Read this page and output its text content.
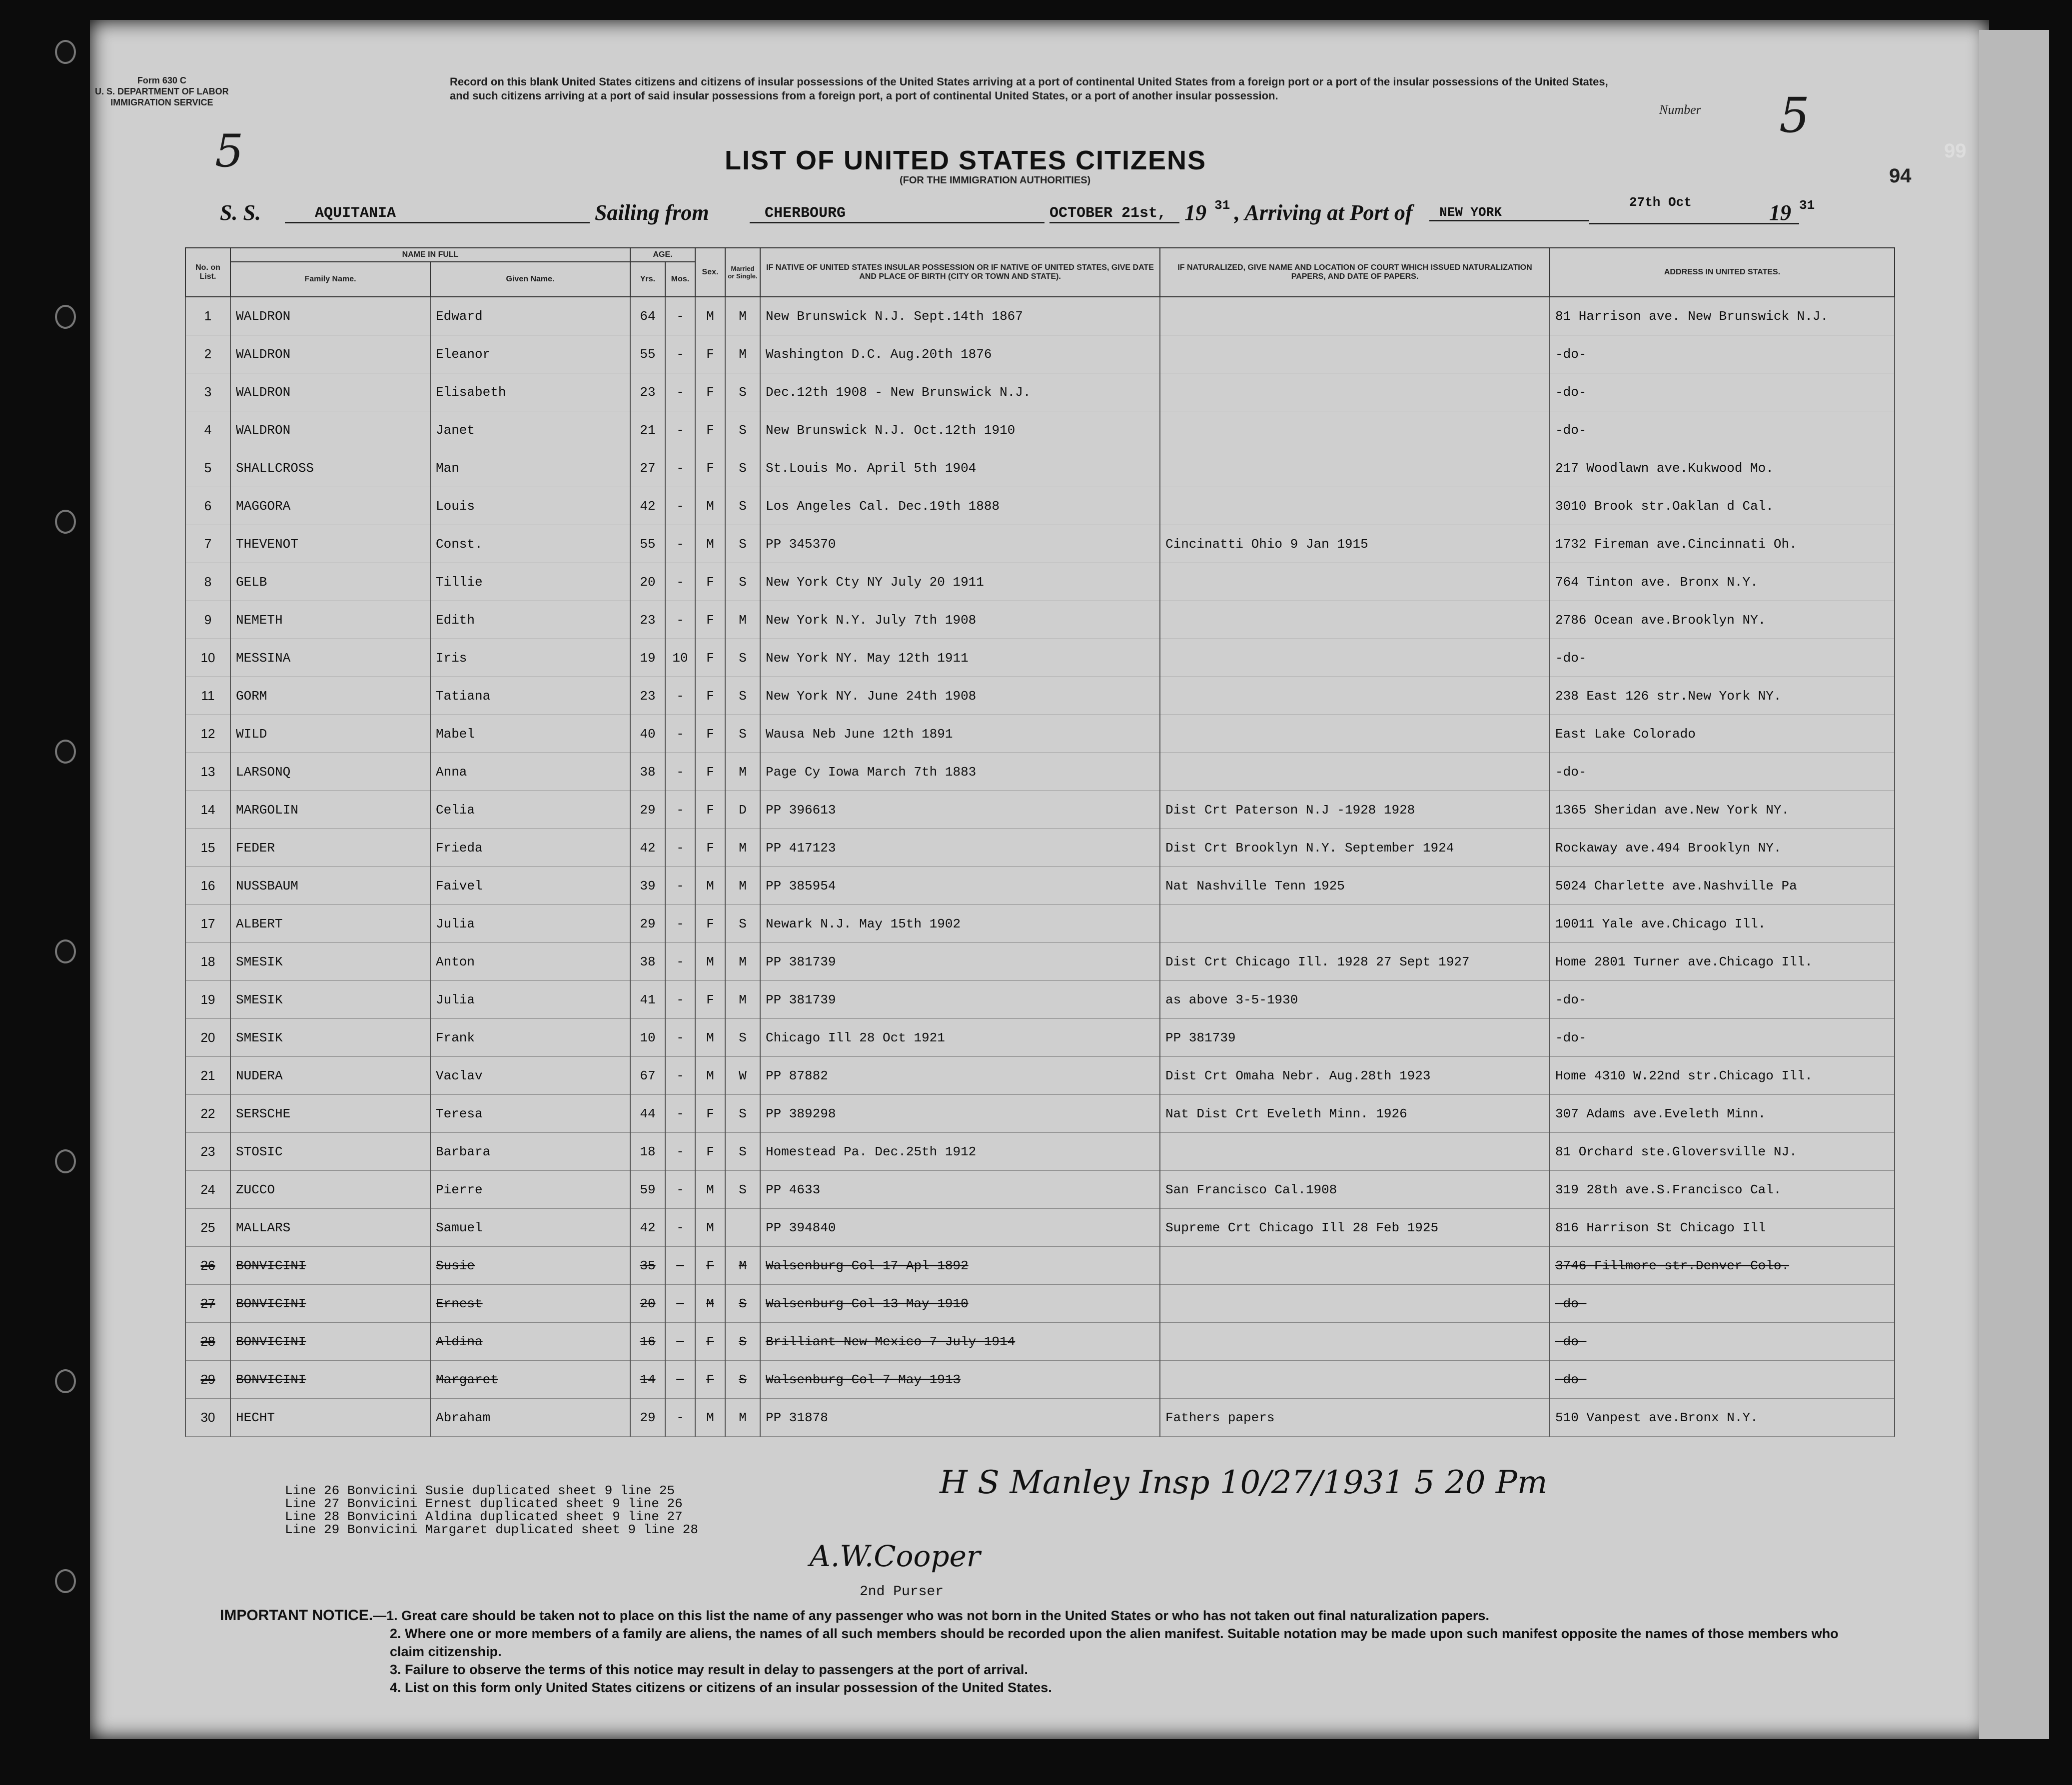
Form 630 C
U. S. DEPARTMENT OF LABOR
IMMIGRATION SERVICE
5
Record on this blank United States citizens and citizens of insular possessions of the United States arriving at a port of continental United States from a foreign port or a port of the insular possessions of the United States, and such citizens arriving at a port of said insular possessions from a foreign port, a port of continental United States, or a port of another insular possession.
Number 5
94
99
LIST OF UNITED STATES CITIZENS
(FOR THE IMMIGRATION AUTHORITIES)
S. S.	AQUITANIA	Sailing from	CHERBOURG	OCTOBER 21st, 19 31 , Arriving at Port of	NEW YORK
27th Oct	19 31
No. on List.	NAME IN FULL		AGE.		Sex.	Married or Single.	IF NATIVE OF UNITED STATES INSULAR POSSESSION OR IF NATIVE OF UNITED STATES, GIVE DATE AND PLACE OF BIRTH (CITY OR TOWN AND STATE).	IF NATURALIZED, GIVE NAME AND LOCATION OF COURT WHICH ISSUED NATURALIZATION PAPERS, AND DATE OF PAPERS.	ADDRESS IN UNITED STATES.
	Family Name.	Given Name.	Yrs.	Mos.					
1	WALDRON	Edward	64	-	M	M	New Brunswick N.J. Sept.14th 1867		81 Harrison ave. New Brunswick N.J.
2	WALDRON	Eleanor	55	-	F	M	Washington D.C. Aug.20th 1876		-do-
3	WALDRON	Elisabeth	23	-	F	S	Dec.12th 1908 - New Brunswick N.J.		-do-
4	WALDRON	Janet	21	-	F	S	New Brunswick N.J. Oct.12th 1910		-do-
5	SHALLCROSS	Man	27	-	F	S	St.Louis Mo. April 5th 1904		217 Woodlawn ave.Kukwood Mo.
6	MAGGORA	Louis	42	-	M	S	Los Angeles Cal. Dec.19th 1888		3010 Brook str.Oaklan d Cal.
7	THEVENOT	Const.	55	-	M	S	PP 345370	Cincinatti Ohio 9 Jan 1915	1732 Fireman ave.Cincinnati Oh.
8	GELB	Tillie	20	-	F	S	New York Cty NY July 20 1911		764 Tinton ave. Bronx N.Y.
9	NEMETH	Edith	23	-	F	M	New York N.Y. July 7th 1908		2786 Ocean ave.Brooklyn NY.
10	MESSINA	Iris	19	10	F	S	New York NY. May 12th 1911		-do-
11	GORM	Tatiana	23	-	F	S	New York NY. June 24th 1908		238 East 126 str.New York NY.
12	WILD	Mabel	40	-	F	S	Wausa Neb June 12th 1891		East Lake Colorado
13	LARSONQ	Anna	38	-	F	M	Page Cy Iowa March 7th 1883		-do-
14	MARGOLIN	Celia	29	-	F	D	PP 396613	Dist Crt Paterson N.J -1928 1928	1365 Sheridan ave.New York NY.
15	FEDER	Frieda	42	-	F	M	PP 417123	Dist Crt Brooklyn N.Y. September 1924	Rockaway ave.494 Brooklyn NY.
16	NUSSBAUM	Faivel	39	-	M	M	PP 385954	Nat Nashville Tenn 1925	5024 Charlette ave.Nashville Pa
17	ALBERT	Julia	29	-	F	S	Newark N.J. May 15th 1902		10011 Yale ave.Chicago Ill.
18	SMESIK	Anton	38	-	M	M	PP 381739	Dist Crt Chicago Ill. 1928 27 Sept 1927	Home 2801 Turner ave.Chicago Ill.
19	SMESIK	Julia	41	-	F	M	PP 381739	as above 3-5-1930	-do-
20	SMESIK	Frank	10	-	M	S	Chicago Ill 28 Oct 1921	PP 381739	-do-
21	NUDERA	Vaclav	67	-	M	W	PP 87882	Dist Crt Omaha Nebr. Aug.28th 1923	Home 4310 W.22nd str.Chicago Ill.
22	SERSCHE	Teresa	44	-	F	S	PP 389298	Nat Dist Crt Eveleth Minn. 1926	307 Adams ave.Eveleth Minn.
23	STOSIC	Barbara	18	-	F	S	Homestead Pa. Dec.25th 1912		81 Orchard ste.Gloversville NJ.
24	ZUCCO	Pierre	59	-	M	S	PP 4633	San Francisco Cal.1908	319 28th ave.S.Francisco Cal.
25	MALLARS	Samuel	42	-	M		PP 394840	Supreme Crt Chicago Ill 28 Feb 1925	816 Harrison St Chicago Ill
26	BONVICINI	Susie	35	-	F	M	Walsenburg Col 17 Apl 1892		3746 Fillmore str.Denver Colo.
27	BONVICINI	Ernest	20	-	M	S	Walsenburg Col 13 May 1910		-do-
28	BONVICINI	Aldina	16	-	F	S	Brilliant New Mexico 7 July 1914		-do-
29	BONVICINI	Margaret	14	-	F	S	Walsenburg Col 7 May 1913		-do-
30	HECHT	Abraham	29	-	M	M	PP 31878	Fathers papers	510 Vanpest ave.Bronx N.Y.
Line 26 Bonvicini Susie duplicated sheet 9 line 25
Line 27 Bonvicini Ernest duplicated sheet 9 line 26
Line 28 Bonvicini Aldina duplicated sheet 9 line 27
Line 29 Bonvicini Margaret duplicated sheet 9 line 28
H S Manley Insp 10/27/1931 5 20 Pm
A.W.Cooper
2nd Purser
IMPORTANT NOTICE.—1. Great care should be taken not to place on this list the name of any passenger who was not born in the United States or who has not taken out final naturalization papers.
2. Where one or more members of a family are aliens, the names of all such members should be recorded upon the alien manifest. Suitable notation may be made upon such manifest opposite the names of those members who claim citizenship.
3. Failure to observe the terms of this notice may result in delay to passengers at the port of arrival.
4. List on this form only United States citizens or citizens of an insular possession of the United States.
